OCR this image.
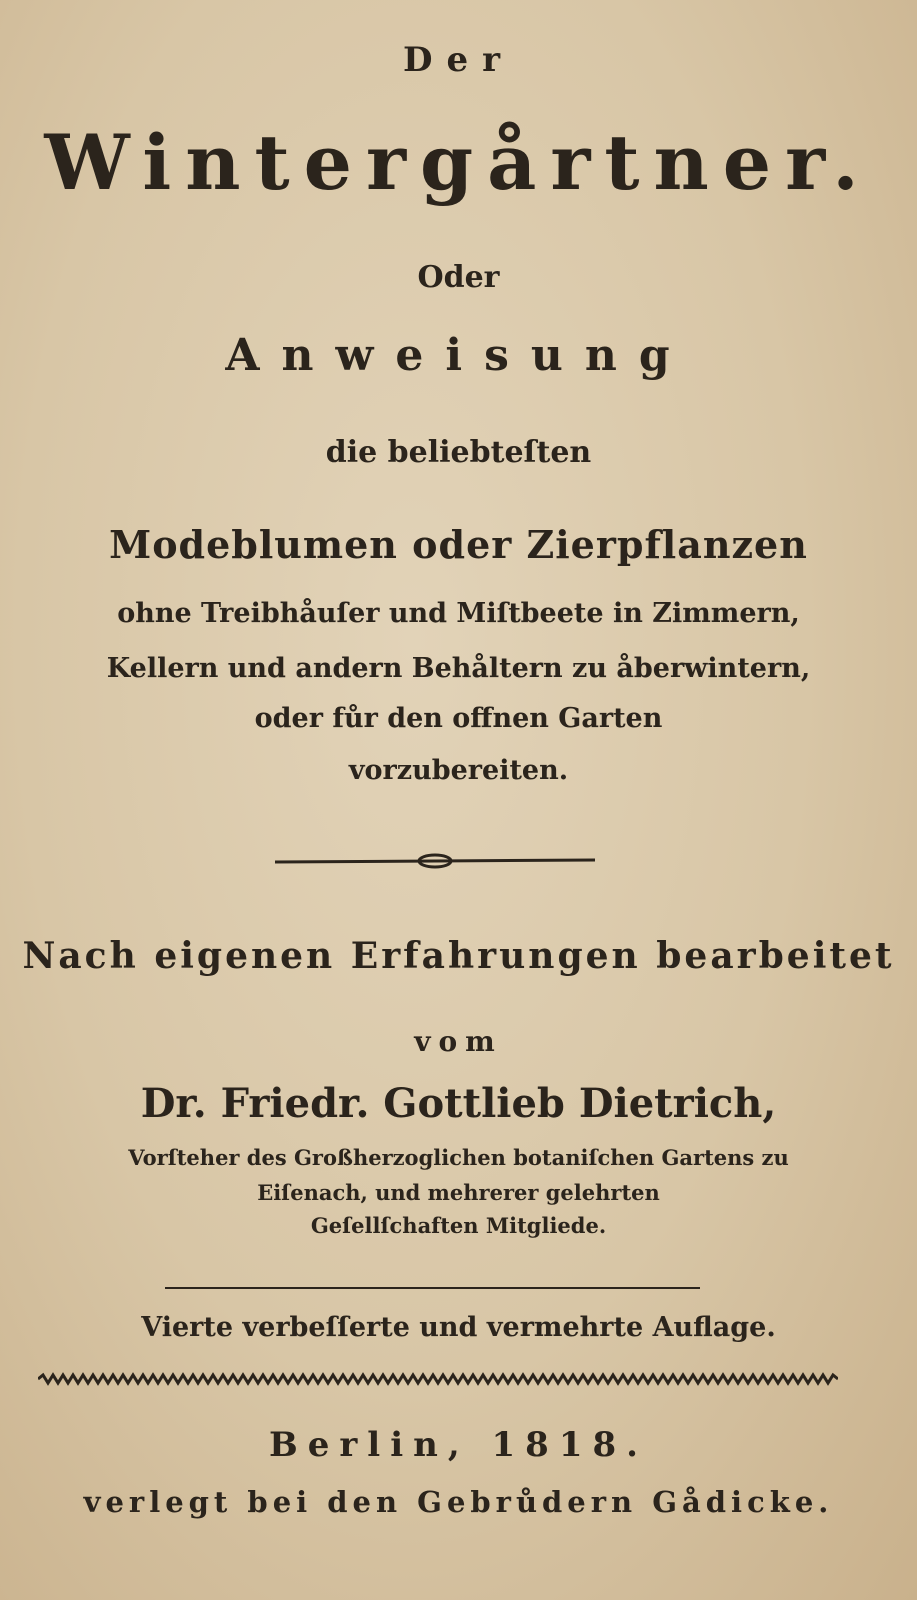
Der
Wintergårtner.
Oder
Anweisung
die beliebteſten
Modeblumen oder Zierpflanzen
ohne Treibhåuſer und Miſtbeete in Zimmern,
Kellern und andern Behåltern zu åberwintern,
oder fůr den offnen Garten
vorzubereiten.
Nach eigenen Erfahrungen bearbeitet
vom
Dr. Friedr. Gottlieb Dietrich,
Vorſteher des Großherzoglichen botaniſchen Gartens zu
Eiſenach, und mehrerer gelehrten
Geſellſchaften Mitgliede.
Vierte verbeſſerte und vermehrte Auflage.
Berlin, 1818.
verlegt bei den Gebrůdern Gådicke.
